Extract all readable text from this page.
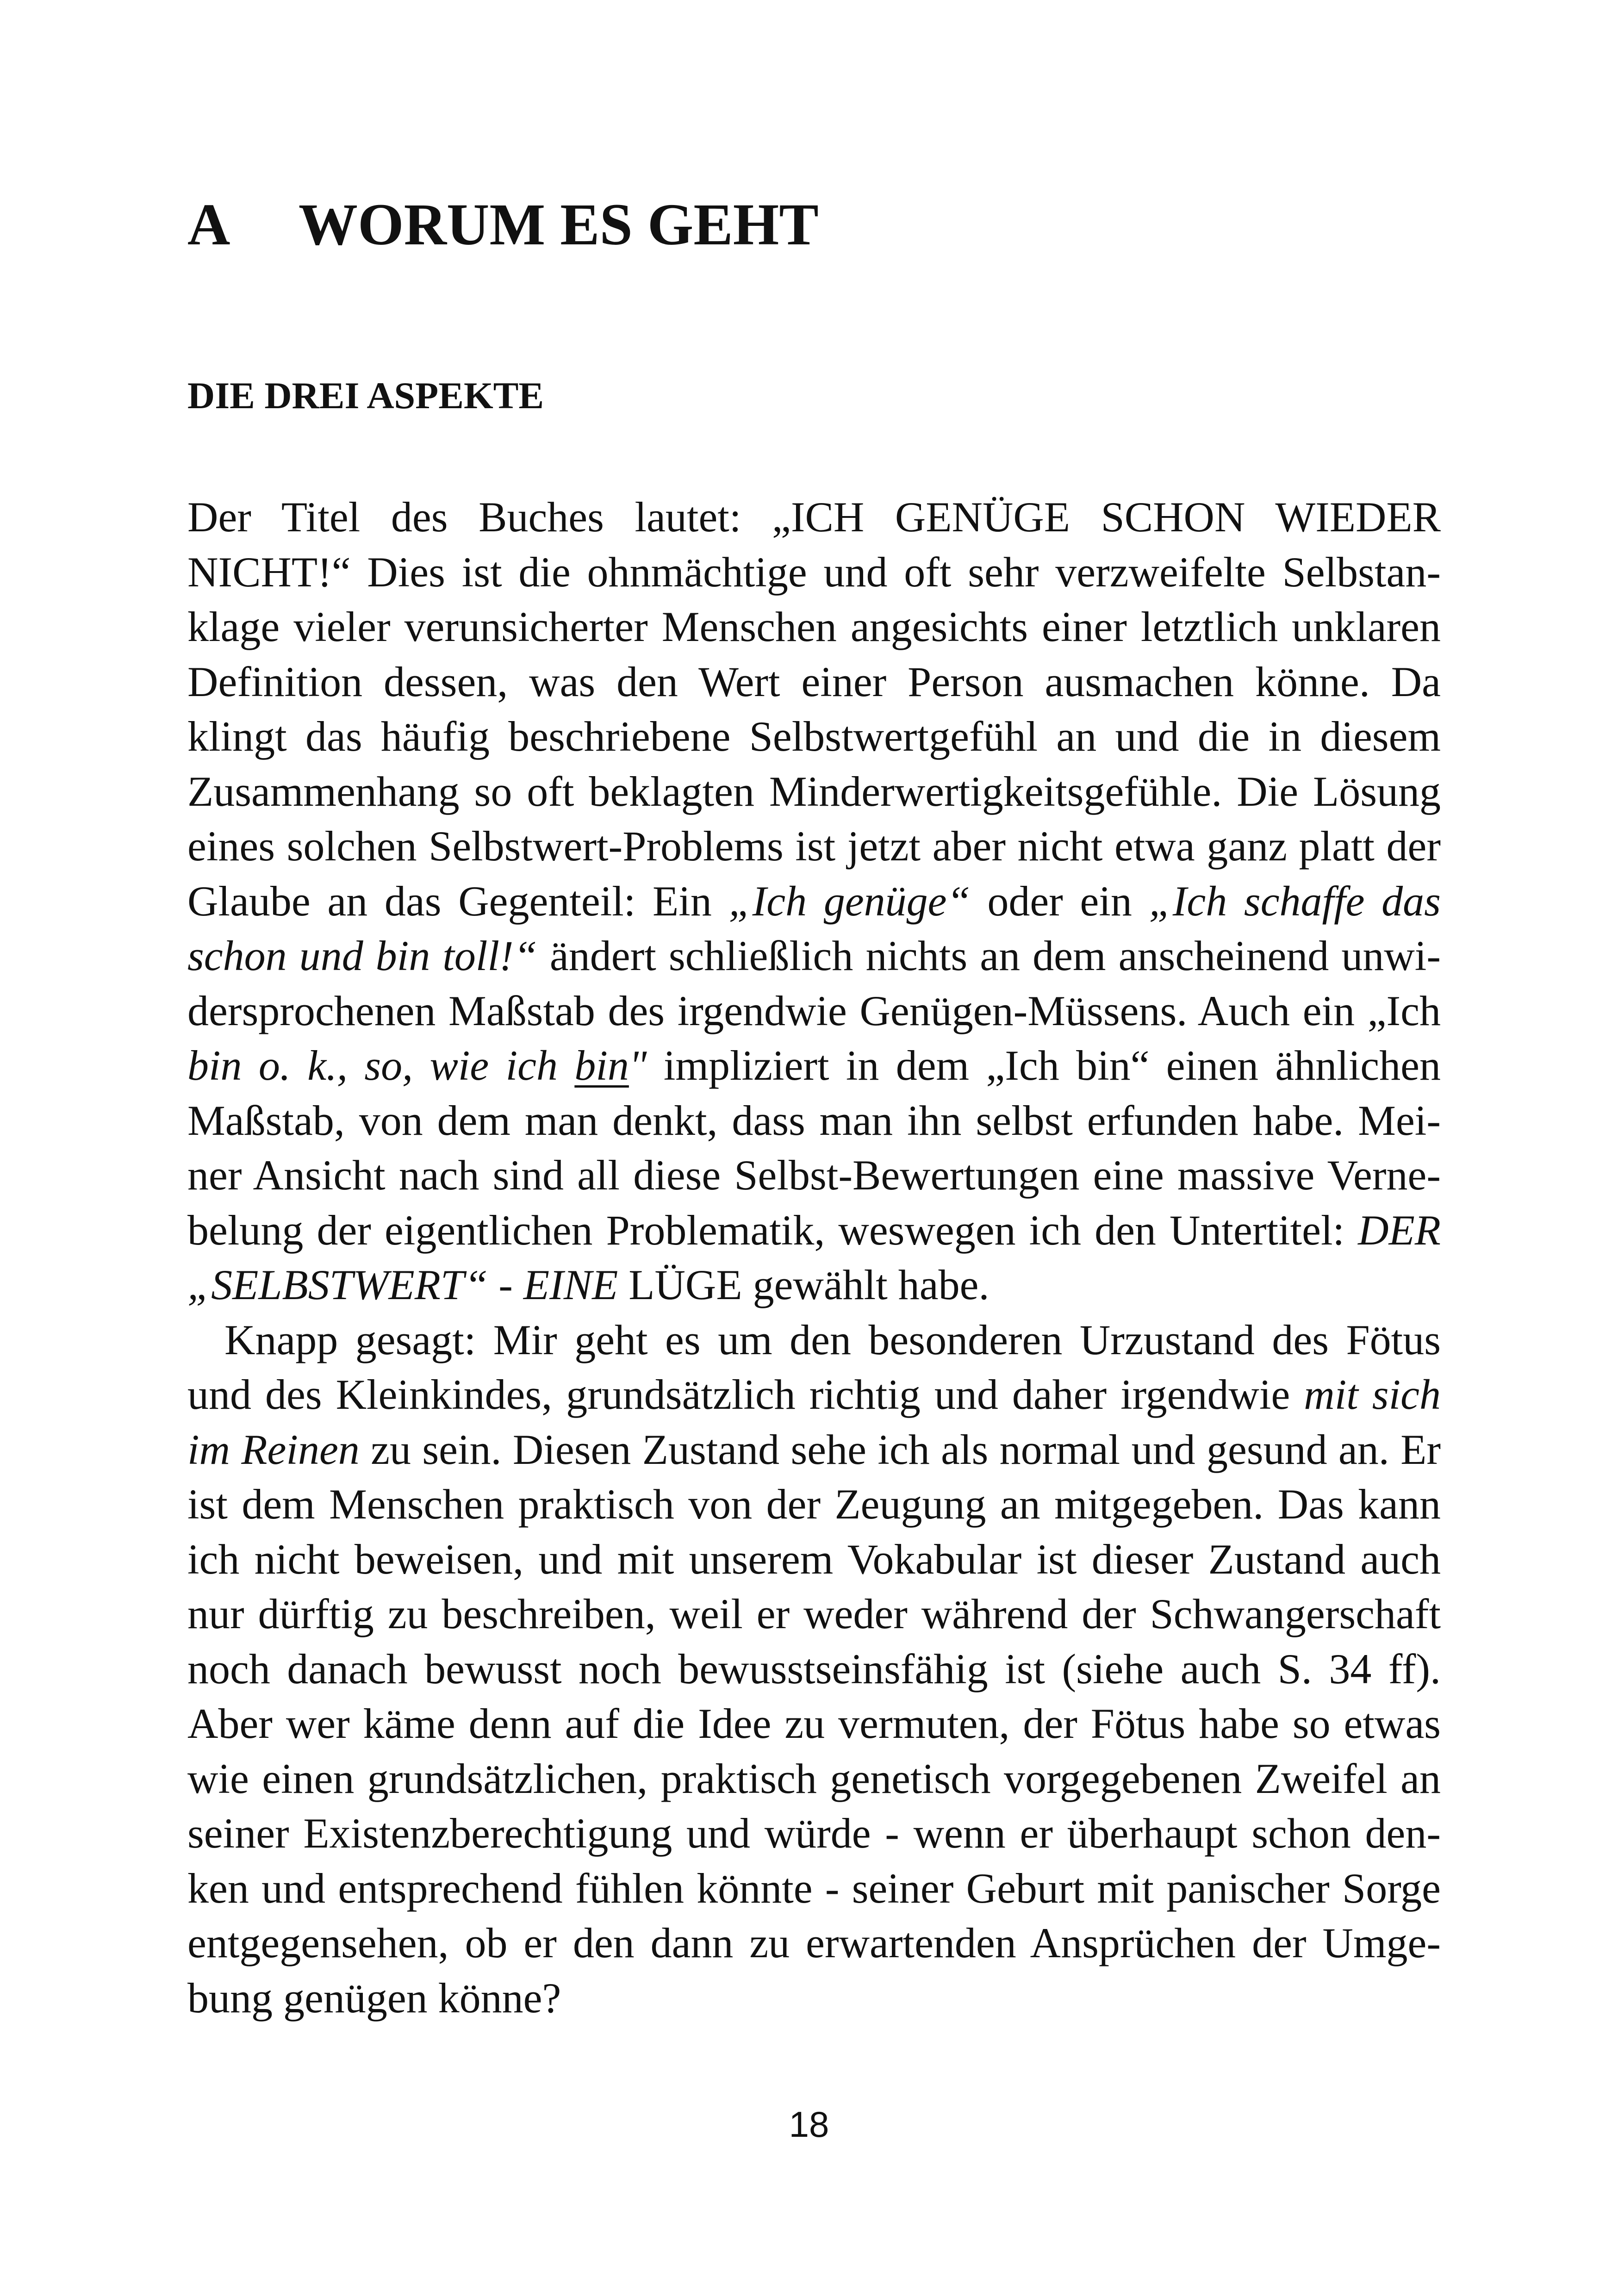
A WORUM ES GEHT
DIE DREI ASPEKTE
Der Titel des Buches lautet: „ICH GENÜGE SCHON WIEDER
NICHT!“ Dies ist die ohnmächtige und oft sehr verzweifelte Selbstan-
klage vieler verunsicherter Menschen angesichts einer letztlich unklaren
Definition dessen, was den Wert einer Person ausmachen könne. Da
klingt das häufig beschriebene Selbstwertgefühl an und die in diesem
Zusammenhang so oft beklagten Minderwertigkeitsgefühle. Die Lösung
eines solchen Selbstwert-Problems ist jetzt aber nicht etwa ganz platt der
Glaube an das Gegenteil: Ein „Ich genüge“ oder ein „Ich schaffe das
schon und bin toll!“ ändert schließlich nichts an dem anscheinend unwi-
dersprochenen Maßstab des irgendwie Genügen-Müssens. Auch ein „Ich
bin o. k., so, wie ich bin" impliziert in dem „Ich bin“ einen ähnlichen
Maßstab, von dem man denkt, dass man ihn selbst erfunden habe. Mei-
ner Ansicht nach sind all diese Selbst-Bewertungen eine massive Verne-
belung der eigentlichen Problematik, weswegen ich den Untertitel: DER
„SELBSTWERT“ - EINE LÜGE gewählt habe.
Knapp gesagt: Mir geht es um den besonderen Urzustand des Fötus
und des Kleinkindes, grundsätzlich richtig und daher irgendwie mit sich
im Reinen zu sein. Diesen Zustand sehe ich als normal und gesund an. Er
ist dem Menschen praktisch von der Zeugung an mitgegeben. Das kann
ich nicht beweisen, und mit unserem Vokabular ist dieser Zustand auch
nur dürftig zu beschreiben, weil er weder während der Schwangerschaft
noch danach bewusst noch bewusstseinsfähig ist (siehe auch S. 34 ff).
Aber wer käme denn auf die Idee zu vermuten, der Fötus habe so etwas
wie einen grundsätzlichen, praktisch genetisch vorgegebenen Zweifel an
seiner Existenzberechtigung und würde - wenn er überhaupt schon den-
ken und entsprechend fühlen könnte - seiner Geburt mit panischer Sorge
entgegensehen, ob er den dann zu erwartenden Ansprüchen der Umge-
bung genügen könne?
18
